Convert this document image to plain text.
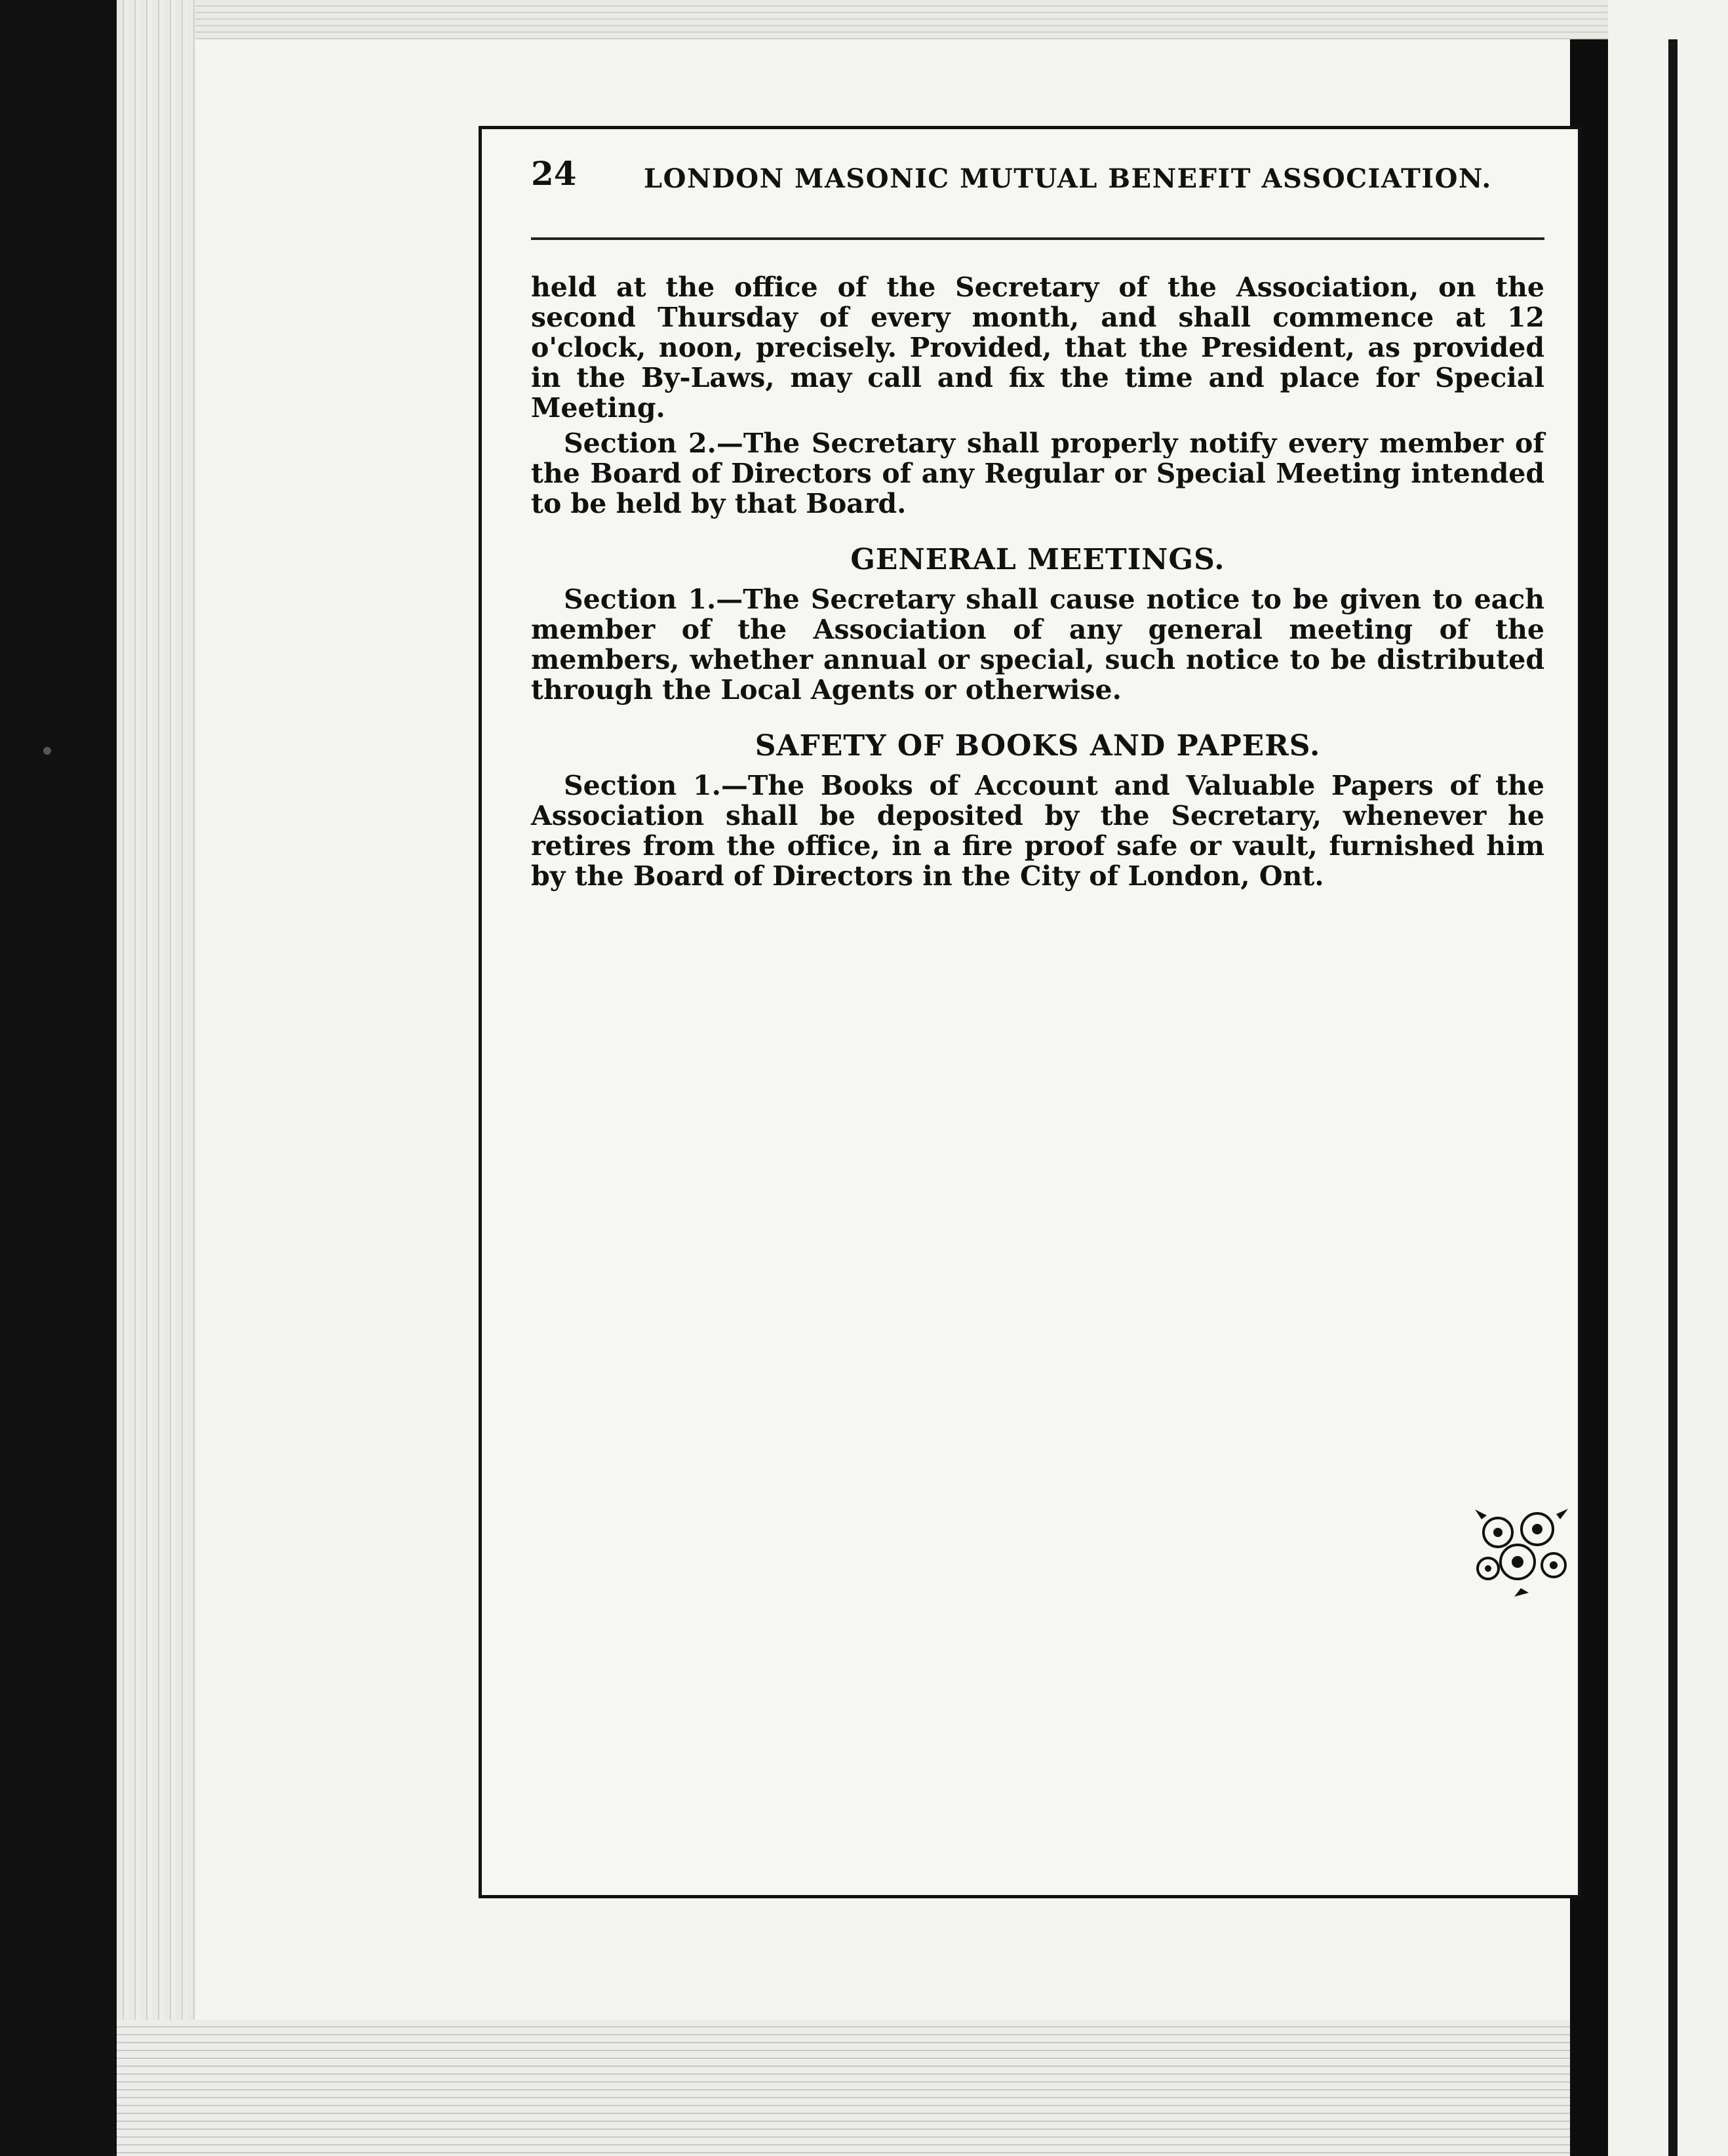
24	LONDON MASONIC MUTUAL BENEFIT ASSOCIATION.

held at the office of the Secretary of the Association, on the second Thursday of every month, and shall commence at 12 o'clock, noon, precisely. Provided, that the President, as provided in the By-Laws, may call and fix the time and place for Special Meeting.

Section 2.—The Secretary shall properly notify every member of the Board of Directors of any Regular or Special Meeting intended to be held by that Board.

GENERAL MEETINGS.

Section 1.—The Secretary shall cause notice to be given to each member of the Association of any general meeting of the members, whether annual or special, such notice to be distributed through the Local Agents or otherwise.

SAFETY OF BOOKS AND PAPERS.

Section 1.—The Books of Account and Valuable Papers of the Association shall be deposited by the Secretary, whenever he retires from the office, in a fire proof safe or vault, furnished him by the Board of Directors in the City of London, Ont.
